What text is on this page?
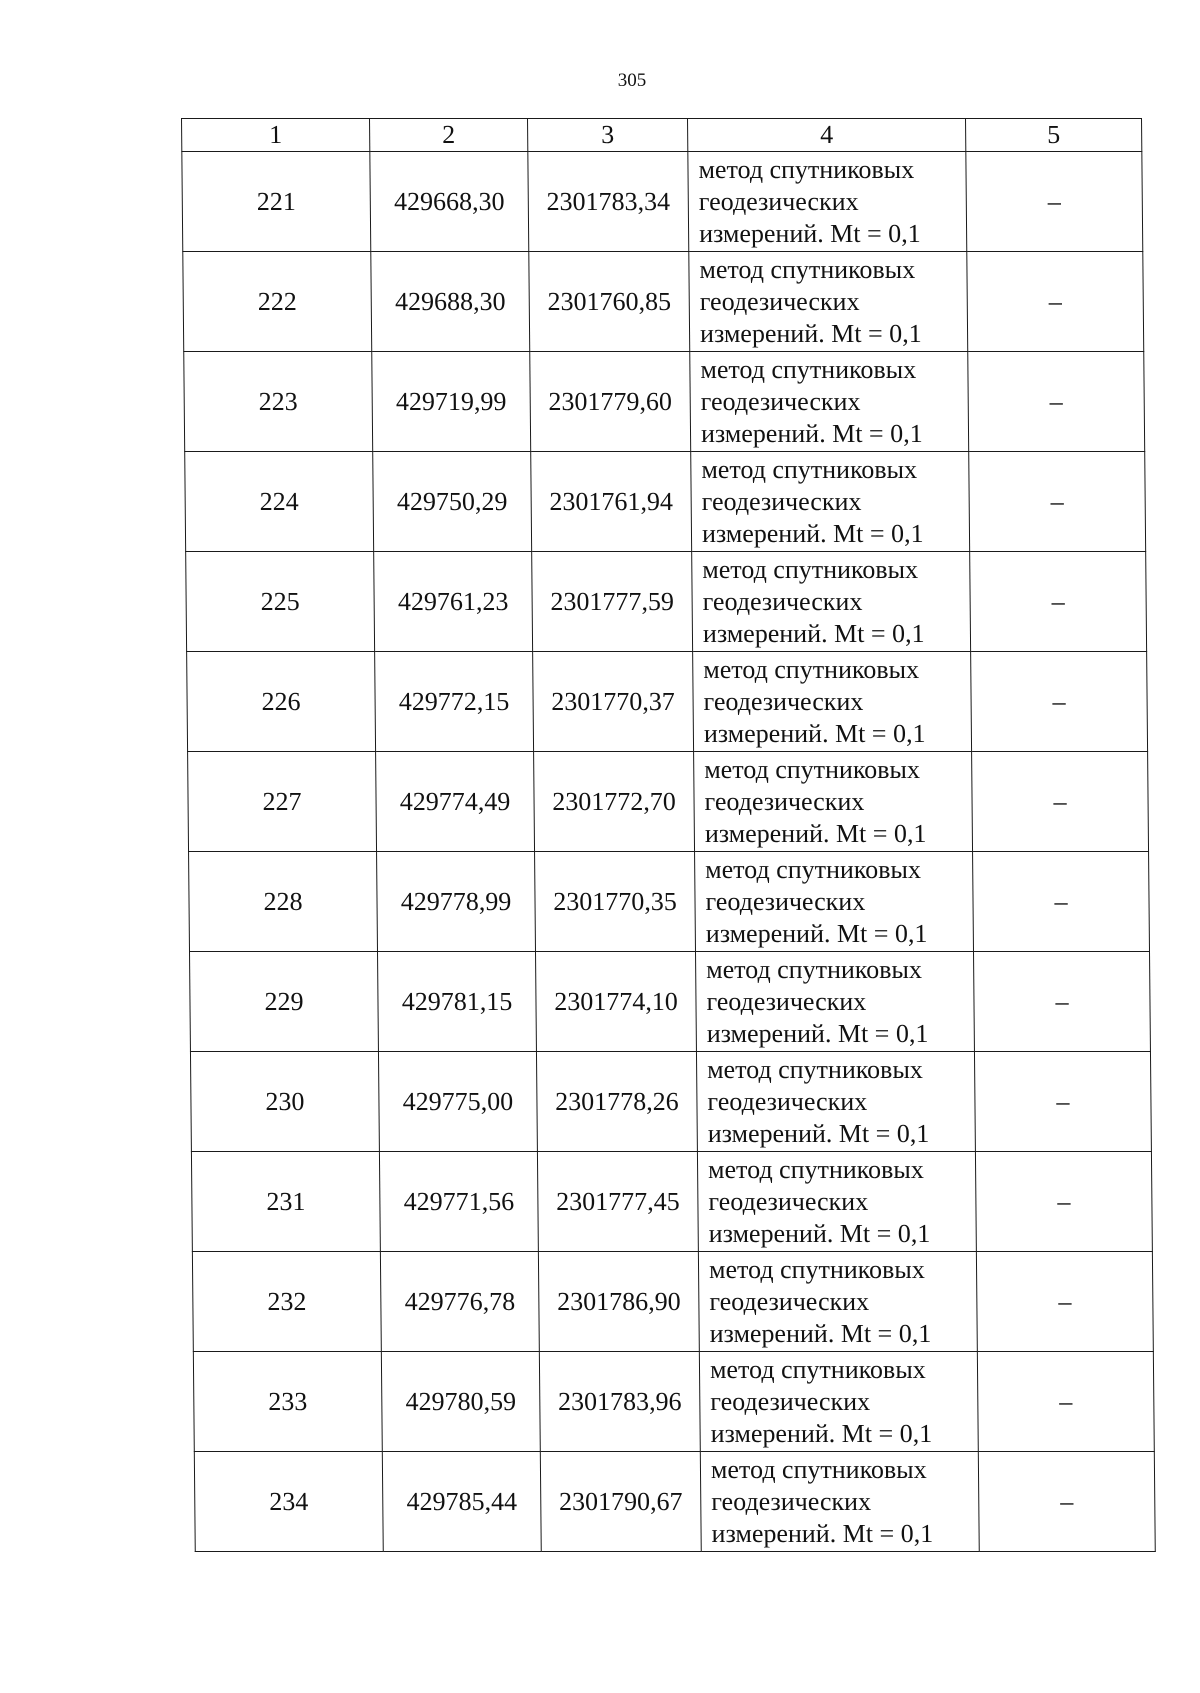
305
1	2	3	4	5
221	429668,30	2301783,34	метод спутниковых
геодезических
измерений. Mt = 0,1	–
222	429688,30	2301760,85	метод спутниковых
геодезических
измерений. Mt = 0,1	–
223	429719,99	2301779,60	метод спутниковых
геодезических
измерений. Mt = 0,1	–
224	429750,29	2301761,94	метод спутниковых
геодезических
измерений. Mt = 0,1	–
225	429761,23	2301777,59	метод спутниковых
геодезических
измерений. Mt = 0,1	–
226	429772,15	2301770,37	метод спутниковых
геодезических
измерений. Mt = 0,1	–
227	429774,49	2301772,70	метод спутниковых
геодезических
измерений. Mt = 0,1	–
228	429778,99	2301770,35	метод спутниковых
геодезических
измерений. Mt = 0,1	–
229	429781,15	2301774,10	метод спутниковых
геодезических
измерений. Mt = 0,1	–
230	429775,00	2301778,26	метод спутниковых
геодезических
измерений. Mt = 0,1	–
231	429771,56	2301777,45	метод спутниковых
геодезических
измерений. Mt = 0,1	–
232	429776,78	2301786,90	метод спутниковых
геодезических
измерений. Mt = 0,1	–
233	429780,59	2301783,96	метод спутниковых
геодезических
измерений. Mt = 0,1	–
234	429785,44	2301790,67	метод спутниковых
геодезических
измерений. Mt = 0,1	–
